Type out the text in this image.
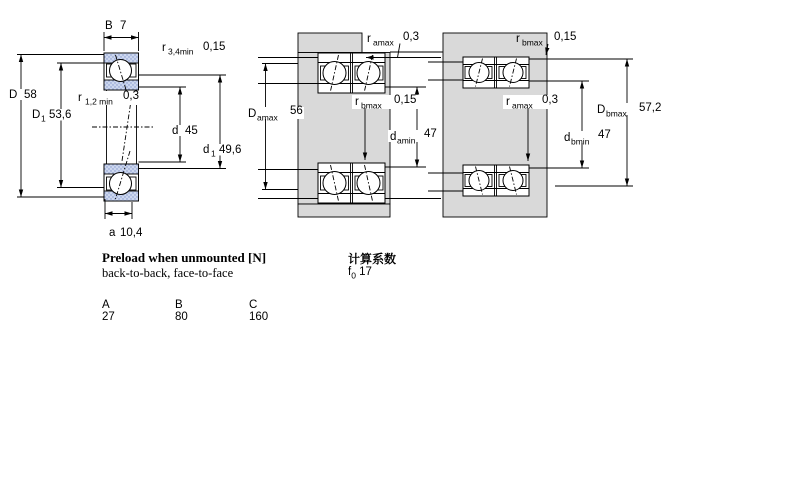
B 7
r 3,4min 0,15
D 58
D 1 53,6
r 1,2 min 0,3
d 45
d 1 49,6
a 10,4
D amax
56
d amin
47
r amax 0,3
r bmax 0,15
D bmax 57,2
d bmin
47
r bmax 0,15
r amax 0,3
Preload when unmounted [N]
back-to-back, face-to-face
计算系数
$f_0$ 17
A	B	C
27	80	160
